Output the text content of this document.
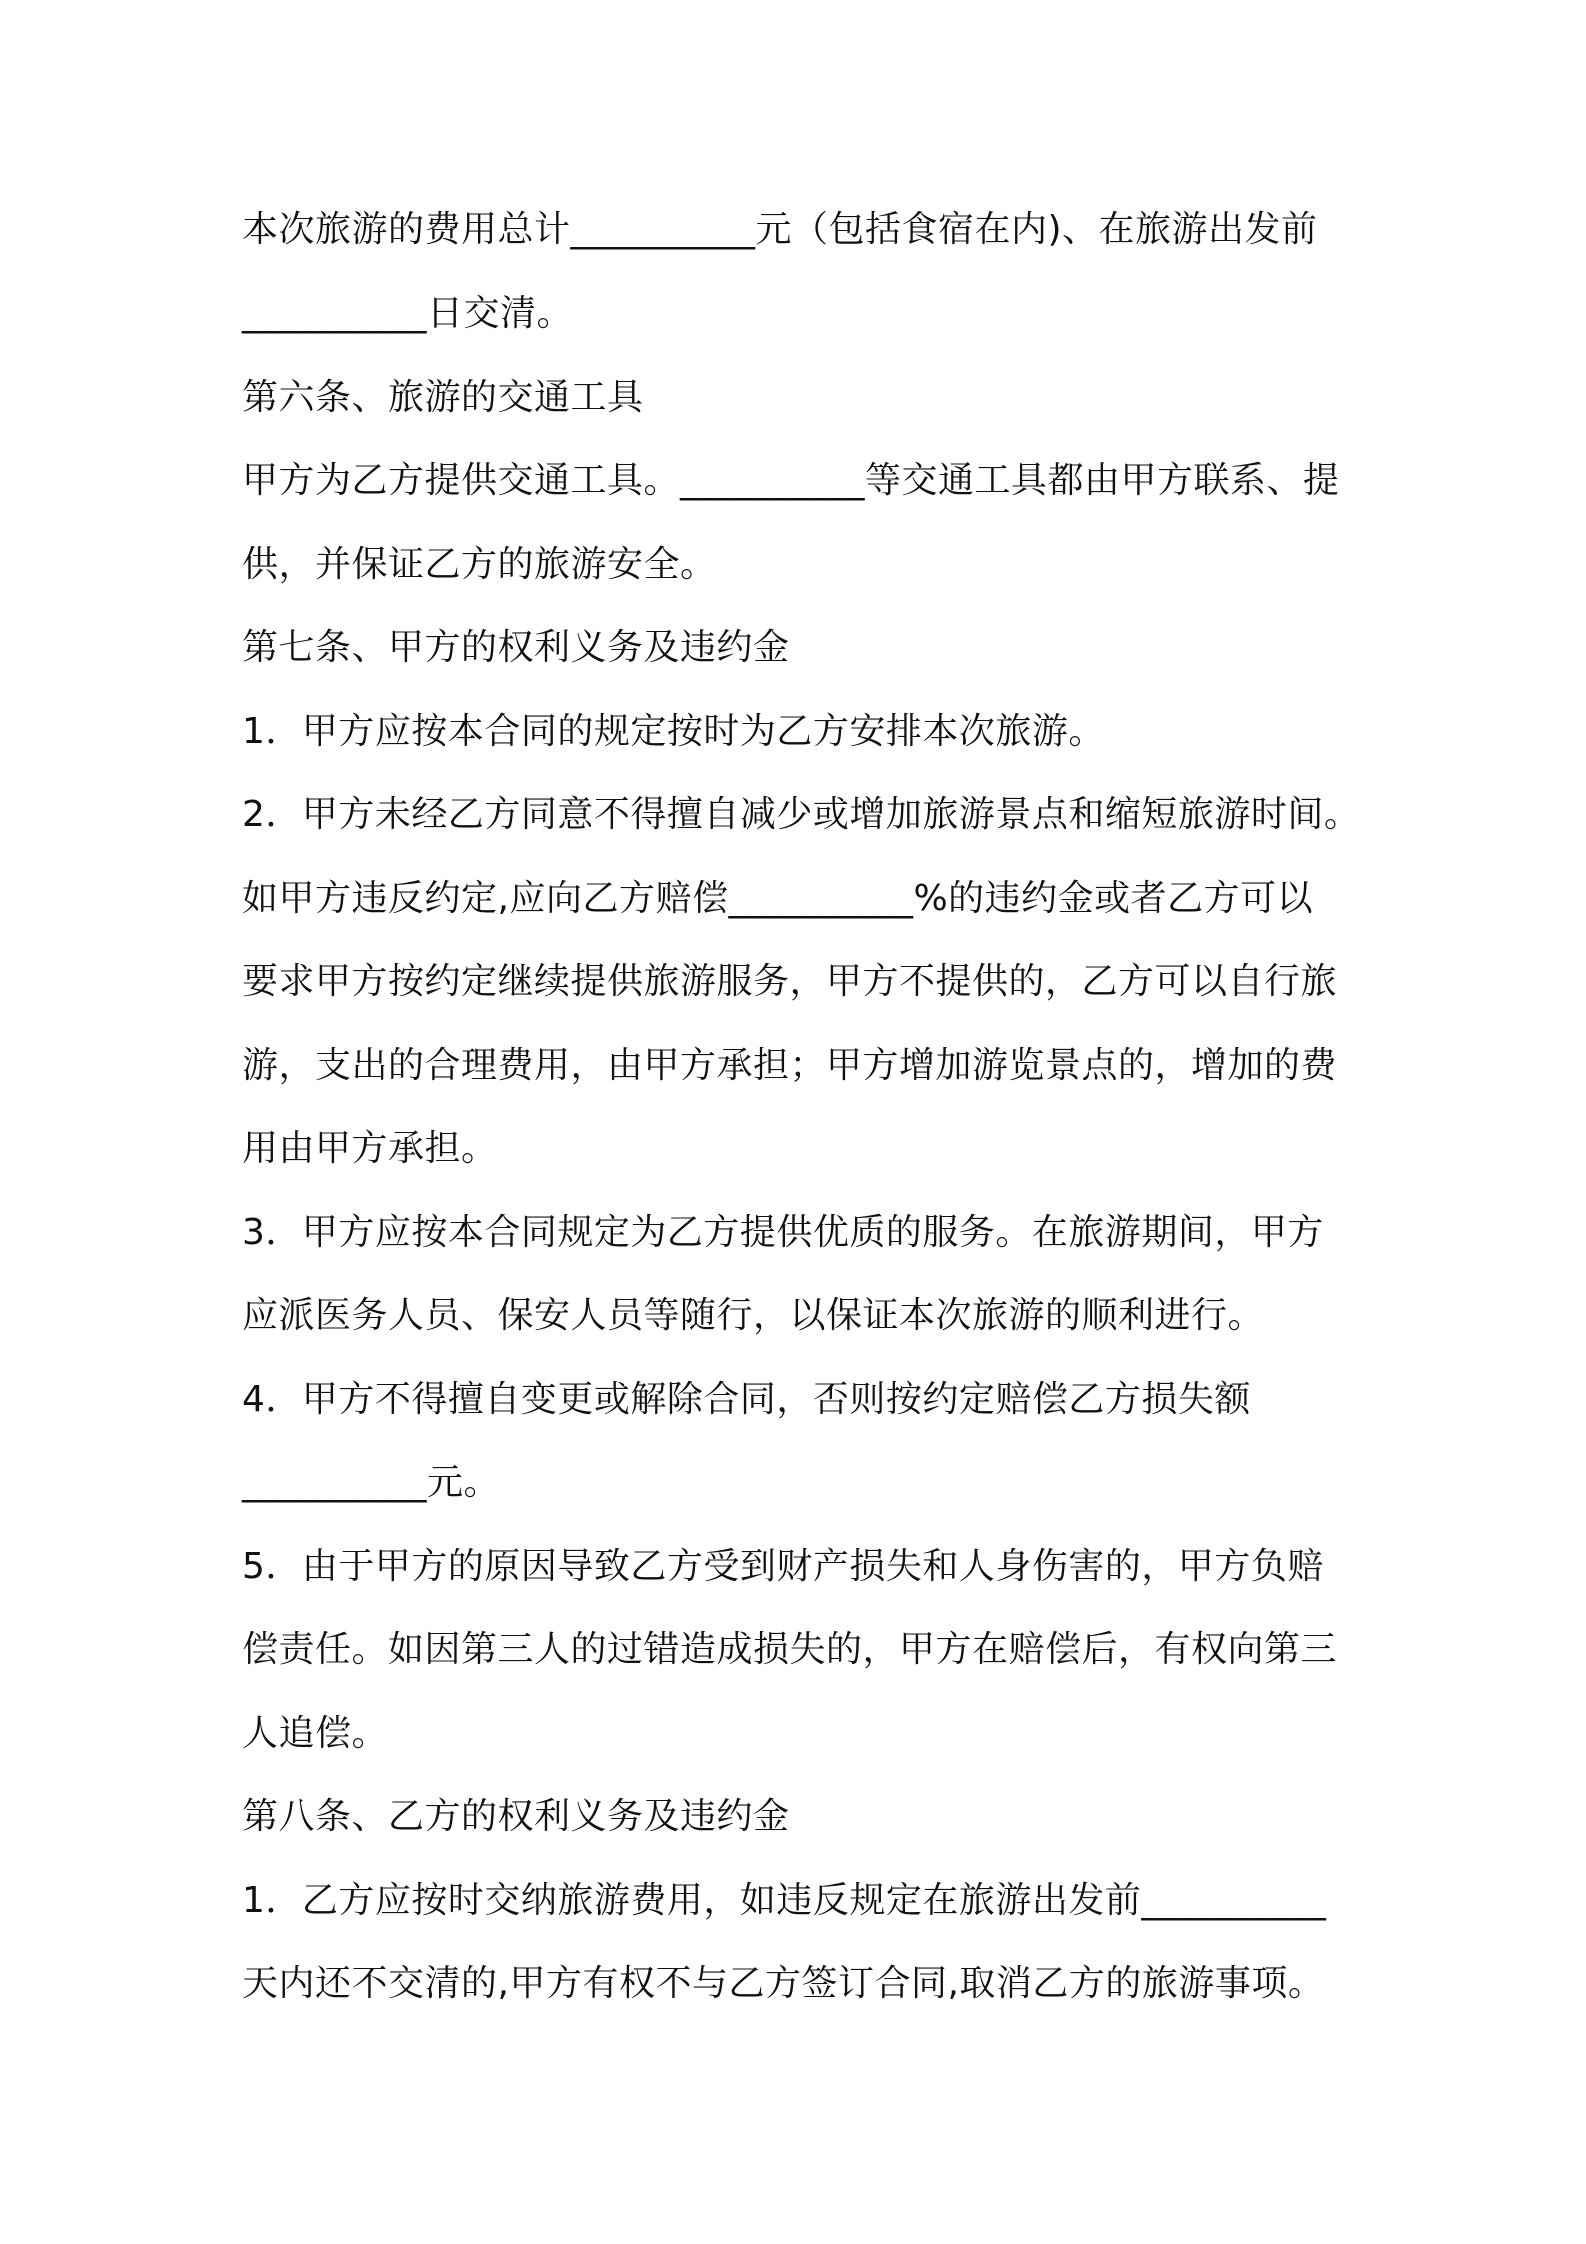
本次旅游的费用总计__________元（包括食宿在内)、在旅游出发前
__________日交清。
第六条、旅游的交通工具
甲方为乙方提供交通工具。__________等交通工具都由甲方联系、提
供，并保证乙方的旅游安全。
第七条、甲方的权利义务及违约金
1．甲方应按本合同的规定按时为乙方安排本次旅游。
2．甲方未经乙方同意不得擅自减少或增加旅游景点和缩短旅游时间。
如甲方违反约定,应向乙方赔偿__________%的违约金或者乙方可以
要求甲方按约定继续提供旅游服务，甲方不提供的，乙方可以自行旅
游，支出的合理费用，由甲方承担；甲方增加游览景点的，增加的费
用由甲方承担。
3．甲方应按本合同规定为乙方提供优质的服务。在旅游期间，甲方
应派医务人员、保安人员等随行，以保证本次旅游的顺利进行。
4．甲方不得擅自变更或解除合同，否则按约定赔偿乙方损失额
__________元。
5．由于甲方的原因导致乙方受到财产损失和人身伤害的，甲方负赔
偿责任。如因第三人的过错造成损失的，甲方在赔偿后，有权向第三
人追偿。
第八条、乙方的权利义务及违约金
1．乙方应按时交纳旅游费用，如违反规定在旅游出发前__________
天内还不交清的,甲方有权不与乙方签订合同,取消乙方的旅游事项。
